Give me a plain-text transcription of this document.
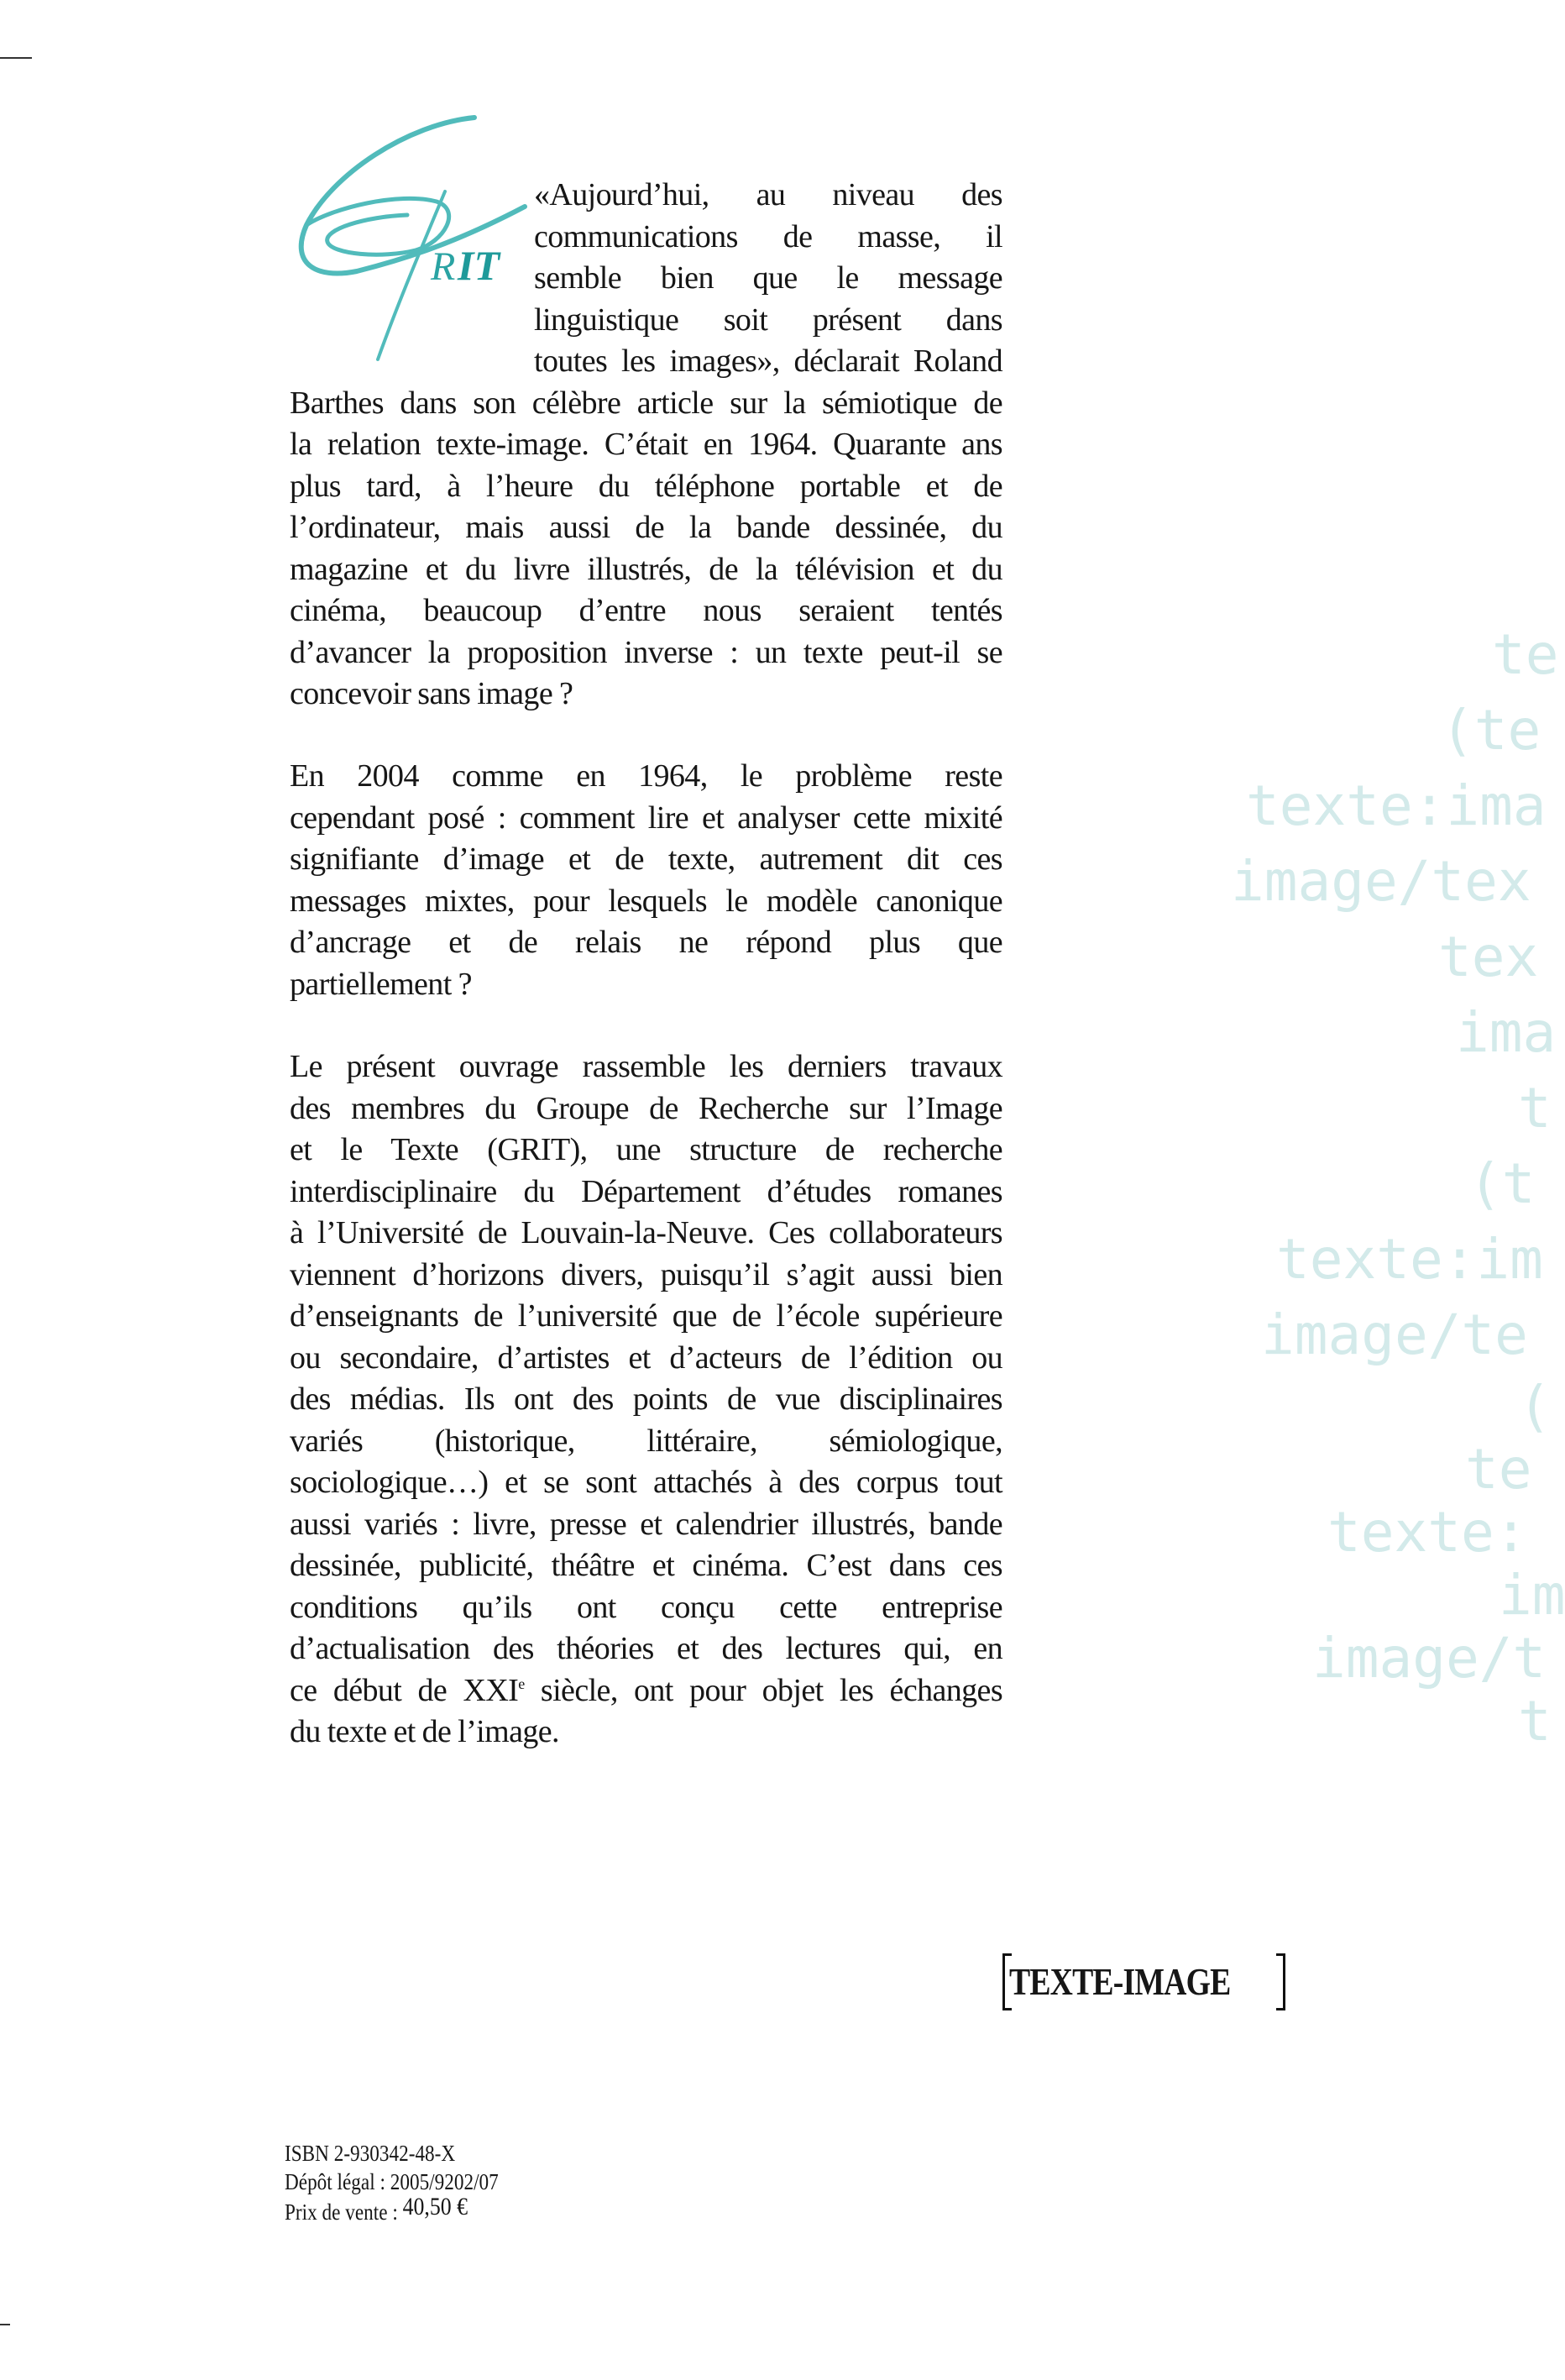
te
(te
texte:ima
image/tex
tex
ima
t
(t
texte:im
image/te
(
te
texte:
im
image/t
t
R IT
«Aujourd’hui, au niveau des
communications de masse, il
semble bien que le message
linguistique soit présent dans
toutes les images», déclarait Roland
Barthes dans son célèbre article sur la sémiotique de
la relation texte-image. C’était en 1964. Quarante ans
plus tard, à l’heure du téléphone portable et de
l’ordinateur, mais aussi de la bande dessinée, du
magazine et du livre illustrés, de la télévision et du
cinéma, beaucoup d’entre nous seraient tentés
d’avancer la proposition inverse : un texte peut-il se
concevoir sans image ?
En 2004 comme en 1964, le problème reste
cependant posé : comment lire et analyser cette mixité
signifiante d’image et de texte, autrement dit ces
messages mixtes, pour lesquels le modèle canonique
d’ancrage et de relais ne répond plus que
partiellement ?
Le présent ouvrage rassemble les derniers travaux
des membres du Groupe de Recherche sur l’Image
et le Texte (GRIT), une structure de recherche
interdisciplinaire du Département d’études romanes
à l’Université de Louvain-la-Neuve. Ces collaborateurs
viennent d’horizons divers, puisqu’il s’agit aussi bien
d’enseignants de l’université que de l’école supérieure
ou secondaire, d’artistes et d’acteurs de l’édition ou
des médias. Ils ont des points de vue disciplinaires
variés (historique, littéraire, sémiologique,
sociologique…) et se sont attachés à des corpus tout
aussi variés : livre, presse et calendrier illustrés, bande
dessinée, publicité, théâtre et cinéma. C’est dans ces
conditions qu’ils ont conçu cette entreprise
d’actualisation des théories et des lectures qui, en
ce début de XXIe siècle, ont pour objet les échanges
du texte et de l’image.
TEXTE-IMAGE
ISBN 2-930342-48-X
Dépôt légal : 2005/9202/07
Prix de vente : 40,50 €
